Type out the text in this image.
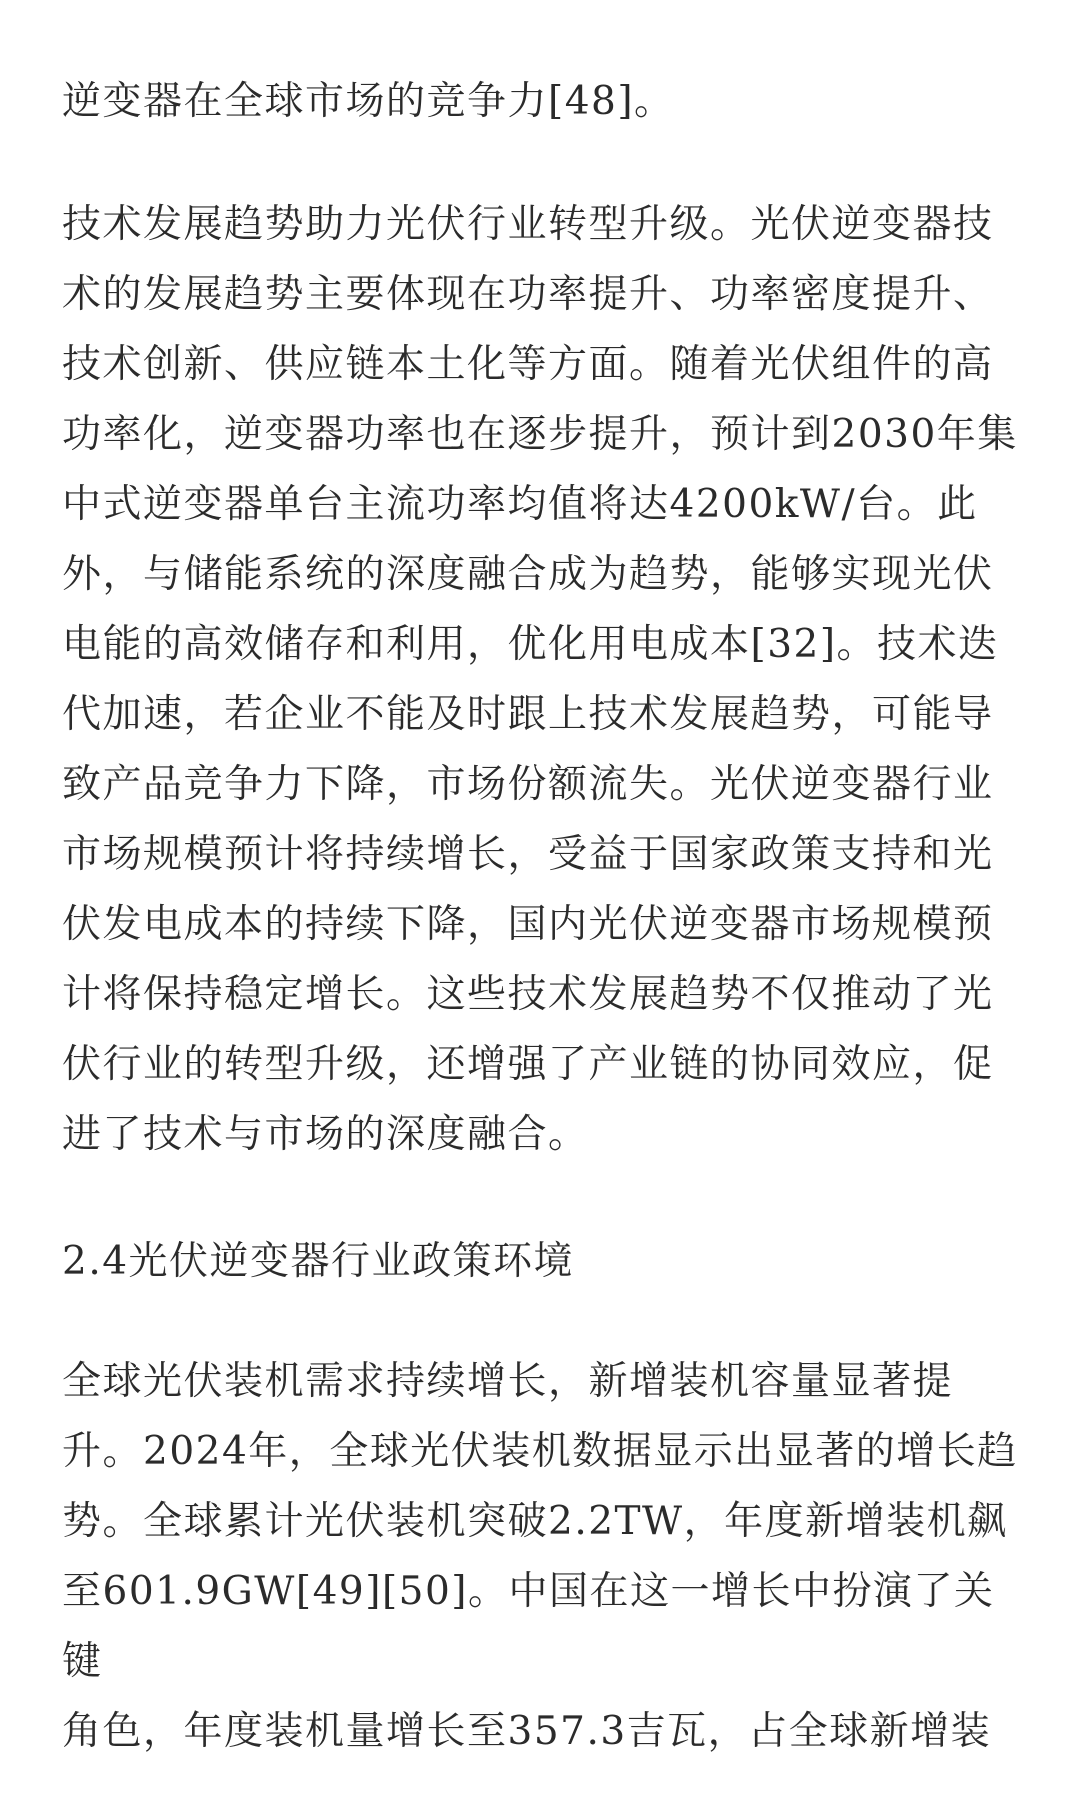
逆变器在全球市场的竞争力[48]。

技术发展趋势助力光伏行业转型升级。光伏逆变器技
术的发展趋势主要体现在功率提升、功率密度提升、
技术创新、供应链本土化等方面。随着光伏组件的高
功率化，逆变器功率也在逐步提升，预计到2030年集
中式逆变器单台主流功率均值将达4200kW/台。此
外，与储能系统的深度融合成为趋势，能够实现光伏
电能的高效储存和利用，优化用电成本[32]。技术迭
代加速，若企业不能及时跟上技术发展趋势，可能导
致产品竞争力下降，市场份额流失。光伏逆变器行业
市场规模预计将持续增长，受益于国家政策支持和光
伏发电成本的持续下降，国内光伏逆变器市场规模预
计将保持稳定增长。这些技术发展趋势不仅推动了光
伏行业的转型升级，还增强了产业链的协同效应，促
进了技术与市场的深度融合。

2.4光伏逆变器行业政策环境

全球光伏装机需求持续增长，新增装机容量显著提
升。2024年，全球光伏装机数据显示出显著的增长趋
势。全球累计光伏装机突破2.2TW，年度新增装机飙
至601.9GW[49][50]。中国在这一增长中扮演了关键
角色，年度装机量增长至357.3吉瓦，占全球新增装
